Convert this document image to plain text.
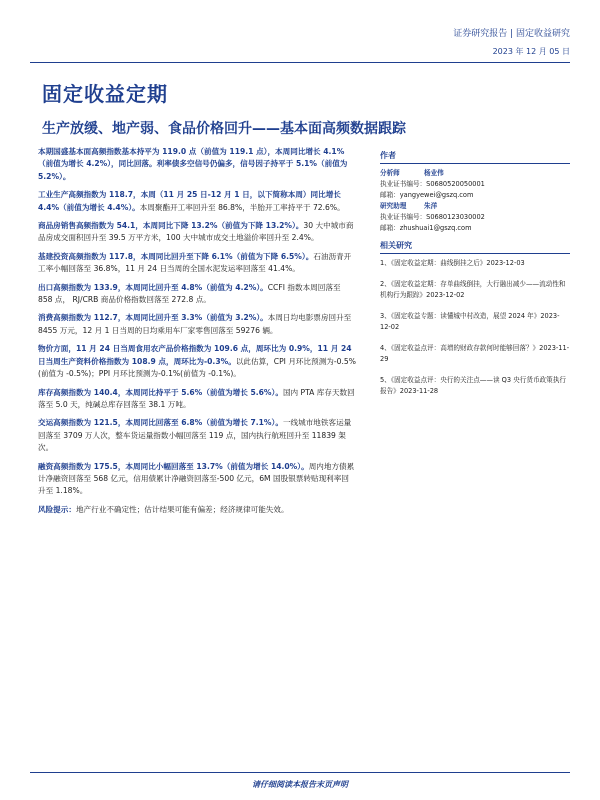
证券研究报告 | 固定收益研究
2023 年 12 月 05 日
固定收益定期
生产放缓、地产弱、食品价格回升——基本面高频数据跟踪

本期国盛基本面高频指数基本持平为 119.0 点（前值为 119.1 点），本周同比增长 4.1%（前值为增长 4.2%），同比回落。利率债多空信号仍偏多，信号因子持平于 5.1%（前值为 5.2%）。

工业生产高频指数为 118.7，本周（11 月 25 日-12 月 1 日，以下简称本周）同比增长 4.4%（前值为增长 4.4%）。本周聚酯开工率回升至 86.8%，半胎开工率持平于 72.6%。

商品房销售高频指数为 54.1，本周同比下降 13.2%（前值为下降 13.2%）。30 大中城市商品房成交面积回升至 39.5 万平方米，100 大中城市成交土地溢价率回升至 2.4%。

基建投资高频指数为 117.8，本周同比回升至下降 6.1%（前值为下降 6.5%）。石油沥青开工率小幅回落至 36.8%，11 月 24 日当周的全国水泥发运率回落至 41.4%。

出口高频指数为 133.9，本周同比回升至 4.8%（前值为 4.2%）。CCFI 指数本周回落至 858 点， RJ/CRB 商品价格指数回落至 272.8 点。

消费高频指数为 112.7，本周同比回升至 3.3%（前值为 3.2%）。本周日均电影票房回升至 8455 万元，12 月 1 日当周的日均乘用车厂家零售回落至 59276 辆。

物价方面，11 月 24 日当周食用农产品价格指数为 109.6 点，周环比为 0.9%，11 月 24 日当周生产资料价格指数为 108.9 点，周环比为-0.3%。以此估算，CPI 月环比预测为-0.5%(前值为 -0.5%)；PPI 月环比预测为-0.1%(前值为 -0.1%)。

库存高频指数为 140.4，本周同比持平于 5.6%（前值为增长 5.6%）。国内 PTA 库存天数回落至 5.0 天，纯碱总库存回落至 38.1 万吨。

交运高频指数为 121.5，本周同比回落至 6.8%（前值为增长 7.1%）。一线城市地铁客运量回落至 3709 万人次，整车货运量指数小幅回落至 119 点，国内执行航班回升至 11839 架次。

融资高频指数为 175.5，本周同比小幅回落至 13.7%（前值为增长 14.0%）。周内地方债累计净融资回落至 568 亿元，信用债累计净融资回落至-500 亿元，6M 国股银票转贴现利率回升至 1.18%。

风险提示：地产行业不确定性；估计结果可能有偏差；经济规律可能失效。

作者
分析师	杨业伟
执业证书编号：S0680520050001
邮箱：yangyewei@gszq.com
研究助理	朱洋
执业证书编号：S0680123030002
邮箱：zhushuai1@gszq.com
相关研究
1、《固定收益定期：曲线倒挂之后》2023-12-03
2、《固定收益定期：存单曲线倒挂，大行融出减少——流动性和机构行为跟踪》2023-12-02
3、《固定收益专题：读懂城中村改造，展望 2024 年》2023-12-02
4、《固定收益点评：高增的财政存款何时能够回落？》2023-11-29
5、《固定收益点评：央行的关注点——读 Q3 央行货币政策执行报告》2023-11-28
请仔细阅读本报告末页声明
